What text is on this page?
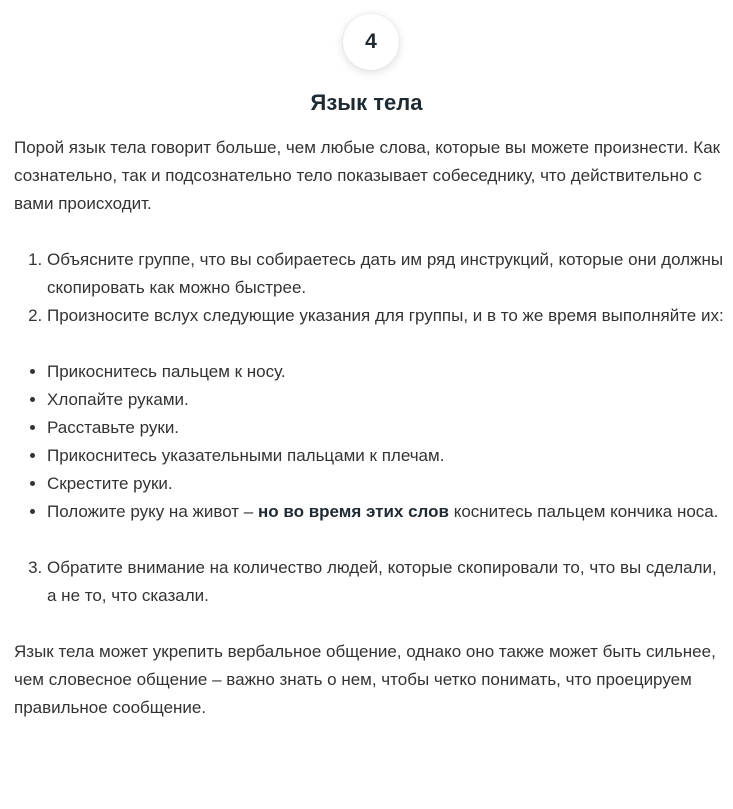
4
Язык тела

Порой язык тела говорит больше, чем любые слова, которые вы можете произнести. Как сознательно, так и подсознательно тело показывает собеседнику, что действительно с вами происходит.

1. Объясните группе, что вы собираетесь дать им ряд инструкций, которые они должны скопировать как можно быстрее.
2. Произносите вслух следующие указания для группы, и в то же время выполняйте их:
• Прикоснитесь пальцем к носу.
• Хлопайте руками.
• Расставьте руки.
• Прикоснитесь указательными пальцами к плечам.
• Скрестите руки.
• Положите руку на живот – но во время этих слов коснитесь пальцем кончика носа.
3. Обратите внимание на количество людей, которые скопировали то, что вы сделали, а не то, что сказали.

Язык тела может укрепить вербальное общение, однако оно также может быть сильнее, чем словесное общение – важно знать о нем, чтобы четко понимать, что проецируем правильное сообщение.
